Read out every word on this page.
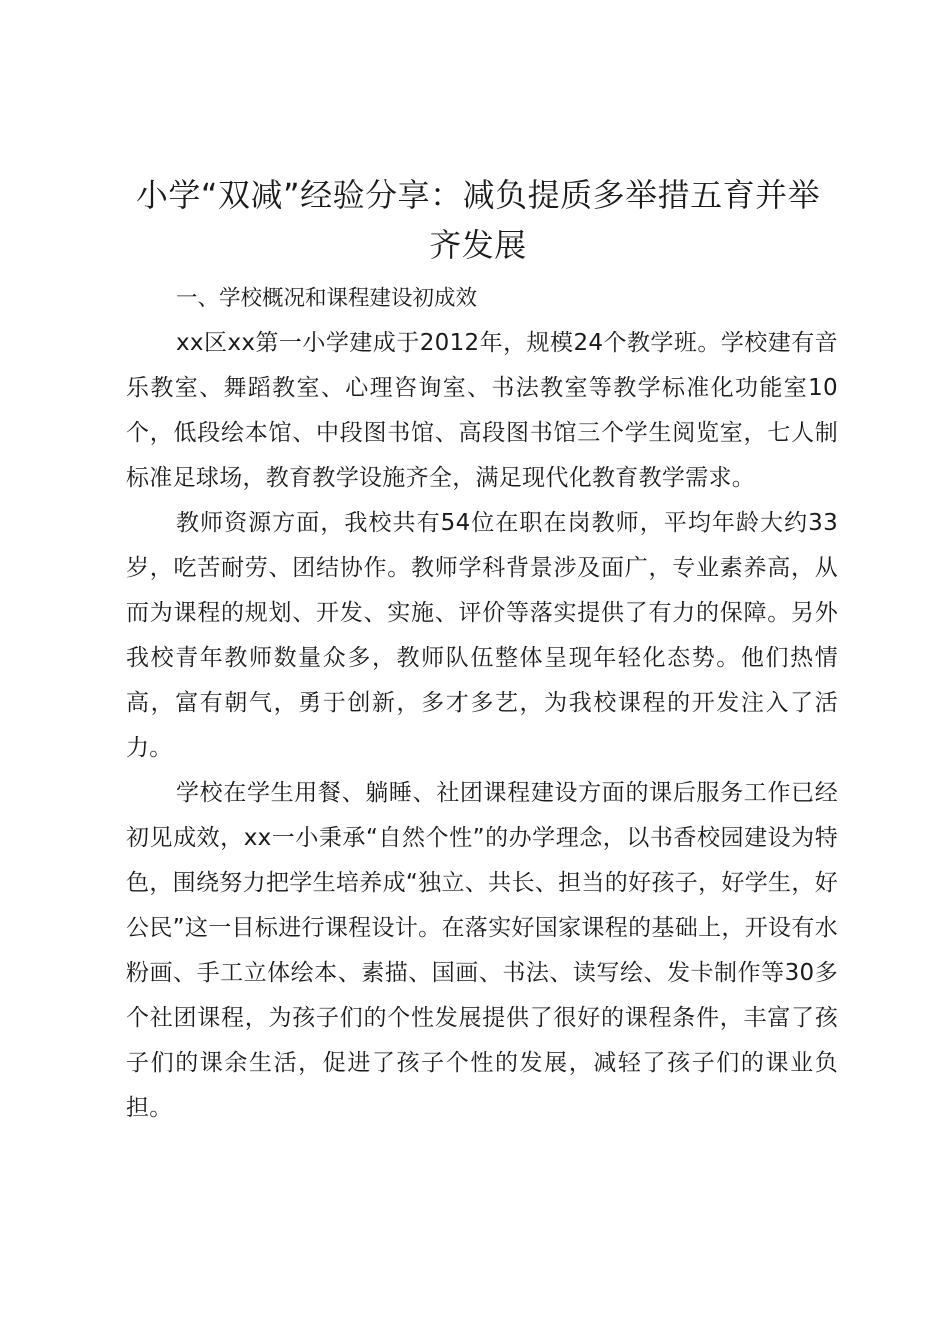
小学“双减”经验分享：减负提质多举措五育并举齐发展
一、学校概况和课程建设初成效

xx区xx第一小学建成于2012年，规模24个教学班。学校建有音乐教室、舞蹈教室、心理咨询室、书法教室等教学标准化功能室10个，低段绘本馆、中段图书馆、高段图书馆三个学生阅览室，七人制标准足球场，教育教学设施齐全，满足现代化教育教学需求。

教师资源方面，我校共有54位在职在岗教师，平均年龄大约33岁，吃苦耐劳、团结协作。教师学科背景涉及面广，专业素养高，从而为课程的规划、开发、实施、评价等落实提供了有力的保障。另外我校青年教师数量众多，教师队伍整体呈现年轻化态势。他们热情高，富有朝气，勇于创新，多才多艺，为我校课程的开发注入了活力。

学校在学生用餐、躺睡、社团课程建设方面的课后服务工作已经初见成效，xx一小秉承“自然个性”的办学理念，以书香校园建设为特色，围绕努力把学生培养成“独立、共长、担当的好孩子，好学生，好公民”这一目标进行课程设计。在落实好国家课程的基础上，开设有水粉画、手工立体绘本、素描、国画、书法、读写绘、发卡制作等30多个社团课程，为孩子们的个性发展提供了很好的课程条件，丰富了孩子们的课余生活，促进了孩子个性的发展，减轻了孩子们的课业负担。
